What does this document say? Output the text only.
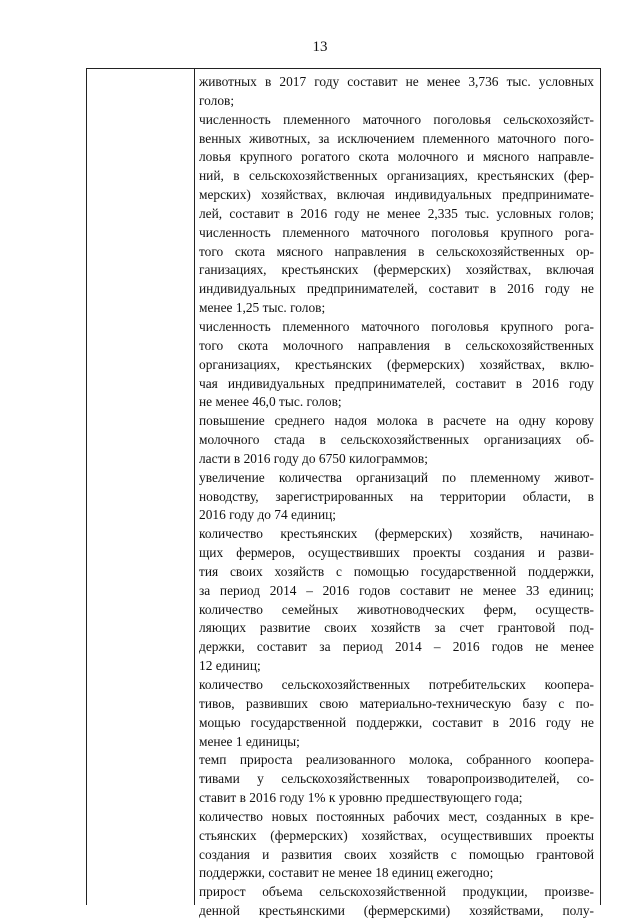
13
животных в 2017 году составит не менее 3,736 тыс. условных
голов;
численность племенного маточного поголовья сельскохозяйст-
венных животных, за исключением племенного маточного пого-
ловья крупного рогатого скота молочного и мясного направле-
ний, в сельскохозяйственных организациях, крестьянских (фер-
мерских) хозяйствах, включая индивидуальных предпринимате-
лей, составит в 2016 году не менее 2,335 тыс. условных голов;
численность племенного маточного поголовья крупного рога-
того скота мясного направления в сельскохозяйственных ор-
ганизациях, крестьянских (фермерских) хозяйствах, включая
индивидуальных предпринимателей, составит в 2016 году не
менее 1,25 тыс. голов;
численность племенного маточного поголовья крупного рога-
того скота молочного направления в сельскохозяйственных
организациях, крестьянских (фермерских) хозяйствах, вклю-
чая индивидуальных предпринимателей, составит в 2016 году
не менее 46,0 тыс. голов;
повышение среднего надоя молока в расчете на одну корову
молочного стада в сельскохозяйственных организациях об-
ласти в 2016 году до 6750 килограммов;
увеличение количества организаций по племенному живот-
новодству, зарегистрированных на территории области, в
2016 году до 74 единиц;
количество крестьянских (фермерских) хозяйств, начинаю-
щих фермеров, осуществивших проекты создания и разви-
тия своих хозяйств с помощью государственной поддержки,
за период 2014 – 2016 годов составит не менее 33 единиц;
количество семейных животноводческих ферм, осуществ-
ляющих развитие своих хозяйств за счет грантовой под-
держки, составит за период 2014 – 2016 годов не менее
12 единиц;
количество сельскохозяйственных потребительских коопера-
тивов, развивших свою материально-техническую базу с по-
мощью государственной поддержки, составит в 2016 году не
менее 1 единицы;
темп прироста реализованного молока, собранного коопера-
тивами у сельскохозяйственных товаропроизводителей, со-
ставит в 2016 году 1% к уровню предшествующего года;
количество новых постоянных рабочих мест, созданных в кре-
стьянских (фермерских) хозяйствах, осуществивших проекты
создания и развития своих хозяйств с помощью грантовой
поддержки, составит не менее 18 единиц ежегодно;
прирост объема сельскохозяйственной продукции, произве-
денной крестьянскими (фермерскими) хозяйствами, полу-
